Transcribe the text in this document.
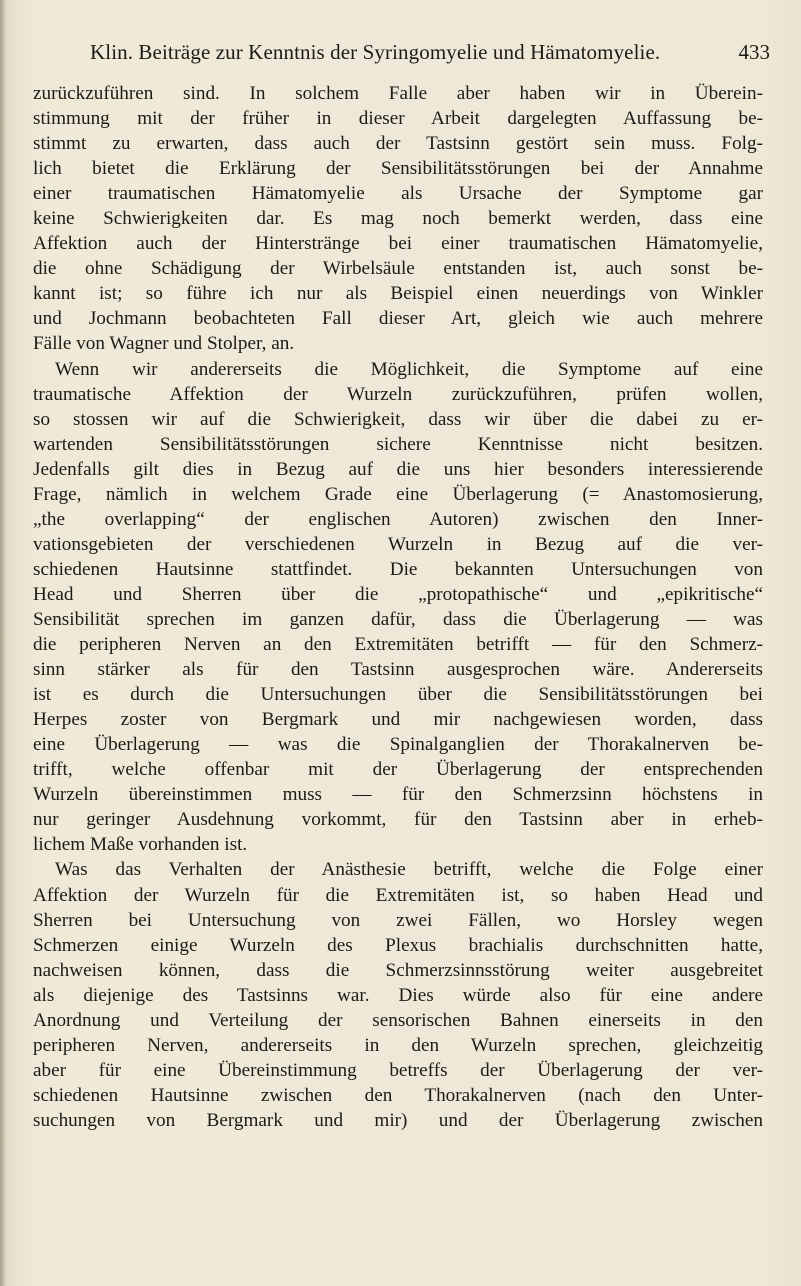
Klin. Beiträge zur Kenntnis der Syringomyelie und Hämatomyelie.	433
zurückzuführen sind. In solchem Falle aber haben wir in Überein-
stimmung mit der früher in dieser Arbeit dargelegten Auffassung be-
stimmt zu erwarten, dass auch der Tastsinn gestört sein muss. Folg-
lich bietet die Erklärung der Sensibilitätsstörungen bei der Annahme
einer traumatischen Hämatomyelie als Ursache der Symptome gar
keine Schwierigkeiten dar. Es mag noch bemerkt werden, dass eine
Affektion auch der Hinterstränge bei einer traumatischen Hämatomyelie,
die ohne Schädigung der Wirbelsäule entstanden ist, auch sonst be-
kannt ist; so führe ich nur als Beispiel einen neuerdings von Winkler
und Jochmann beobachteten Fall dieser Art, gleich wie auch mehrere
Fälle von Wagner und Stolper, an.
Wenn wir andererseits die Möglichkeit, die Symptome auf eine
traumatische Affektion der Wurzeln zurückzuführen, prüfen wollen,
so stossen wir auf die Schwierigkeit, dass wir über die dabei zu er-
wartenden Sensibilitätsstörungen sichere Kenntnisse nicht besitzen.
Jedenfalls gilt dies in Bezug auf die uns hier besonders interessierende
Frage, nämlich in welchem Grade eine Überlagerung (= Anastomosierung,
„the overlapping“ der englischen Autoren) zwischen den Inner-
vationsgebieten der verschiedenen Wurzeln in Bezug auf die ver-
schiedenen Hautsinne stattfindet. Die bekannten Untersuchungen von
Head und Sherren über die „protopathische“ und „epikritische“
Sensibilität sprechen im ganzen dafür, dass die Überlagerung — was
die peripheren Nerven an den Extremitäten betrifft — für den Schmerz-
sinn stärker als für den Tastsinn ausgesprochen wäre. Andererseits
ist es durch die Untersuchungen über die Sensibilitätsstörungen bei
Herpes zoster von Bergmark und mir nachgewiesen worden, dass
eine Überlagerung — was die Spinalganglien der Thorakalnerven be-
trifft, welche offenbar mit der Überlagerung der entsprechenden
Wurzeln übereinstimmen muss — für den Schmerzsinn höchstens in
nur geringer Ausdehnung vorkommt, für den Tastsinn aber in erheb-
lichem Maße vorhanden ist.
Was das Verhalten der Anästhesie betrifft, welche die Folge einer
Affektion der Wurzeln für die Extremitäten ist, so haben Head und
Sherren bei Untersuchung von zwei Fällen, wo Horsley wegen
Schmerzen einige Wurzeln des Plexus brachialis durchschnitten hatte,
nachweisen können, dass die Schmerzsinnsstörung weiter ausgebreitet
als diejenige des Tastsinns war. Dies würde also für eine andere
Anordnung und Verteilung der sensorischen Bahnen einerseits in den
peripheren Nerven, andererseits in den Wurzeln sprechen, gleichzeitig
aber für eine Übereinstimmung betreffs der Überlagerung der ver-
schiedenen Hautsinne zwischen den Thorakalnerven (nach den Unter-
suchungen von Bergmark und mir) und der Überlagerung zwischen
